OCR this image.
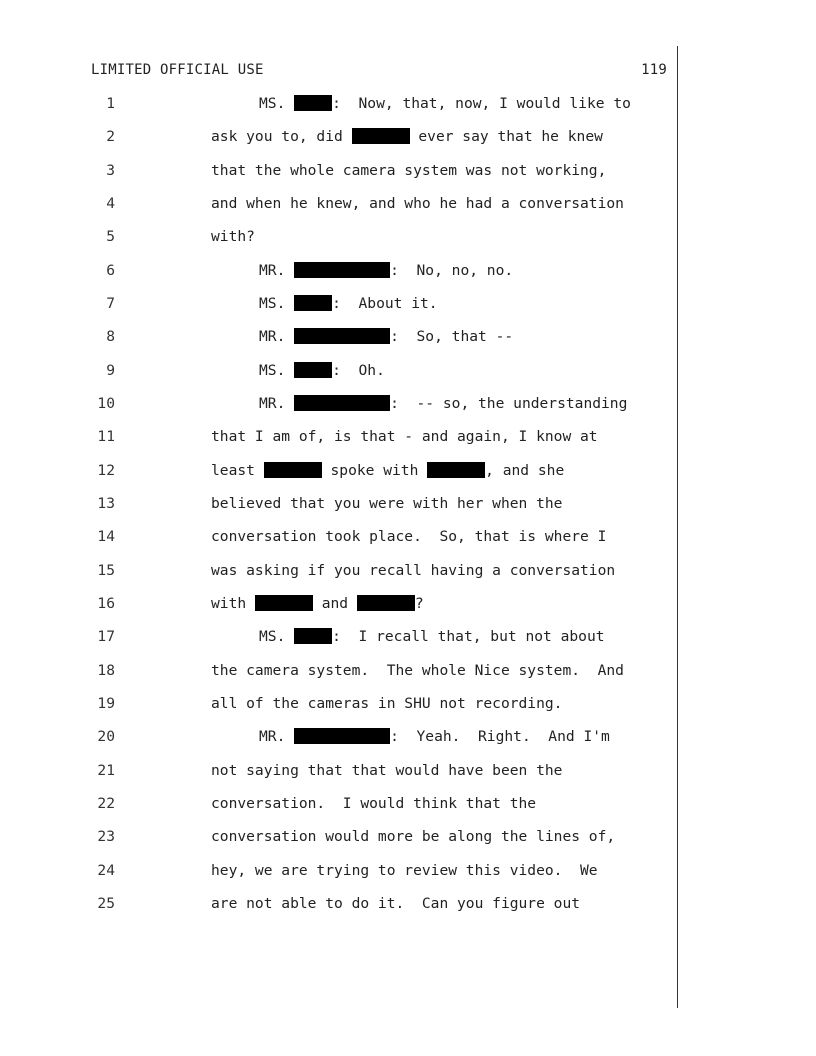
LIMITED OFFICIAL USE	119
1	MS.	:  Now, that, now, I would like to
2	ask you to, did	ever say that he knew
3	that the whole camera system was not working,
4	and when he knew, and who he had a conversation
5	with?
6	MR.	:  No, no, no.
7	MS.	:  About it.
8	MR.	:  So, that --
9	MS.	:  Oh.
10	MR.	:  -- so, the understanding
11	that I am of, is that - and again, I know at
12	least	spoke with	, and she
13	believed that you were with her when the
14	conversation took place.  So, that is where I
15	was asking if you recall having a conversation
16	with	and	?
17	MS.	:  I recall that, but not about
18	the camera system.  The whole Nice system.  And
19	all of the cameras in SHU not recording.
20	MR.	:  Yeah.  Right.  And I'm
21	not saying that that would have been the
22	conversation.  I would think that the
23	conversation would more be along the lines of,
24	hey, we are trying to review this video.  We
25	are not able to do it.  Can you figure out
